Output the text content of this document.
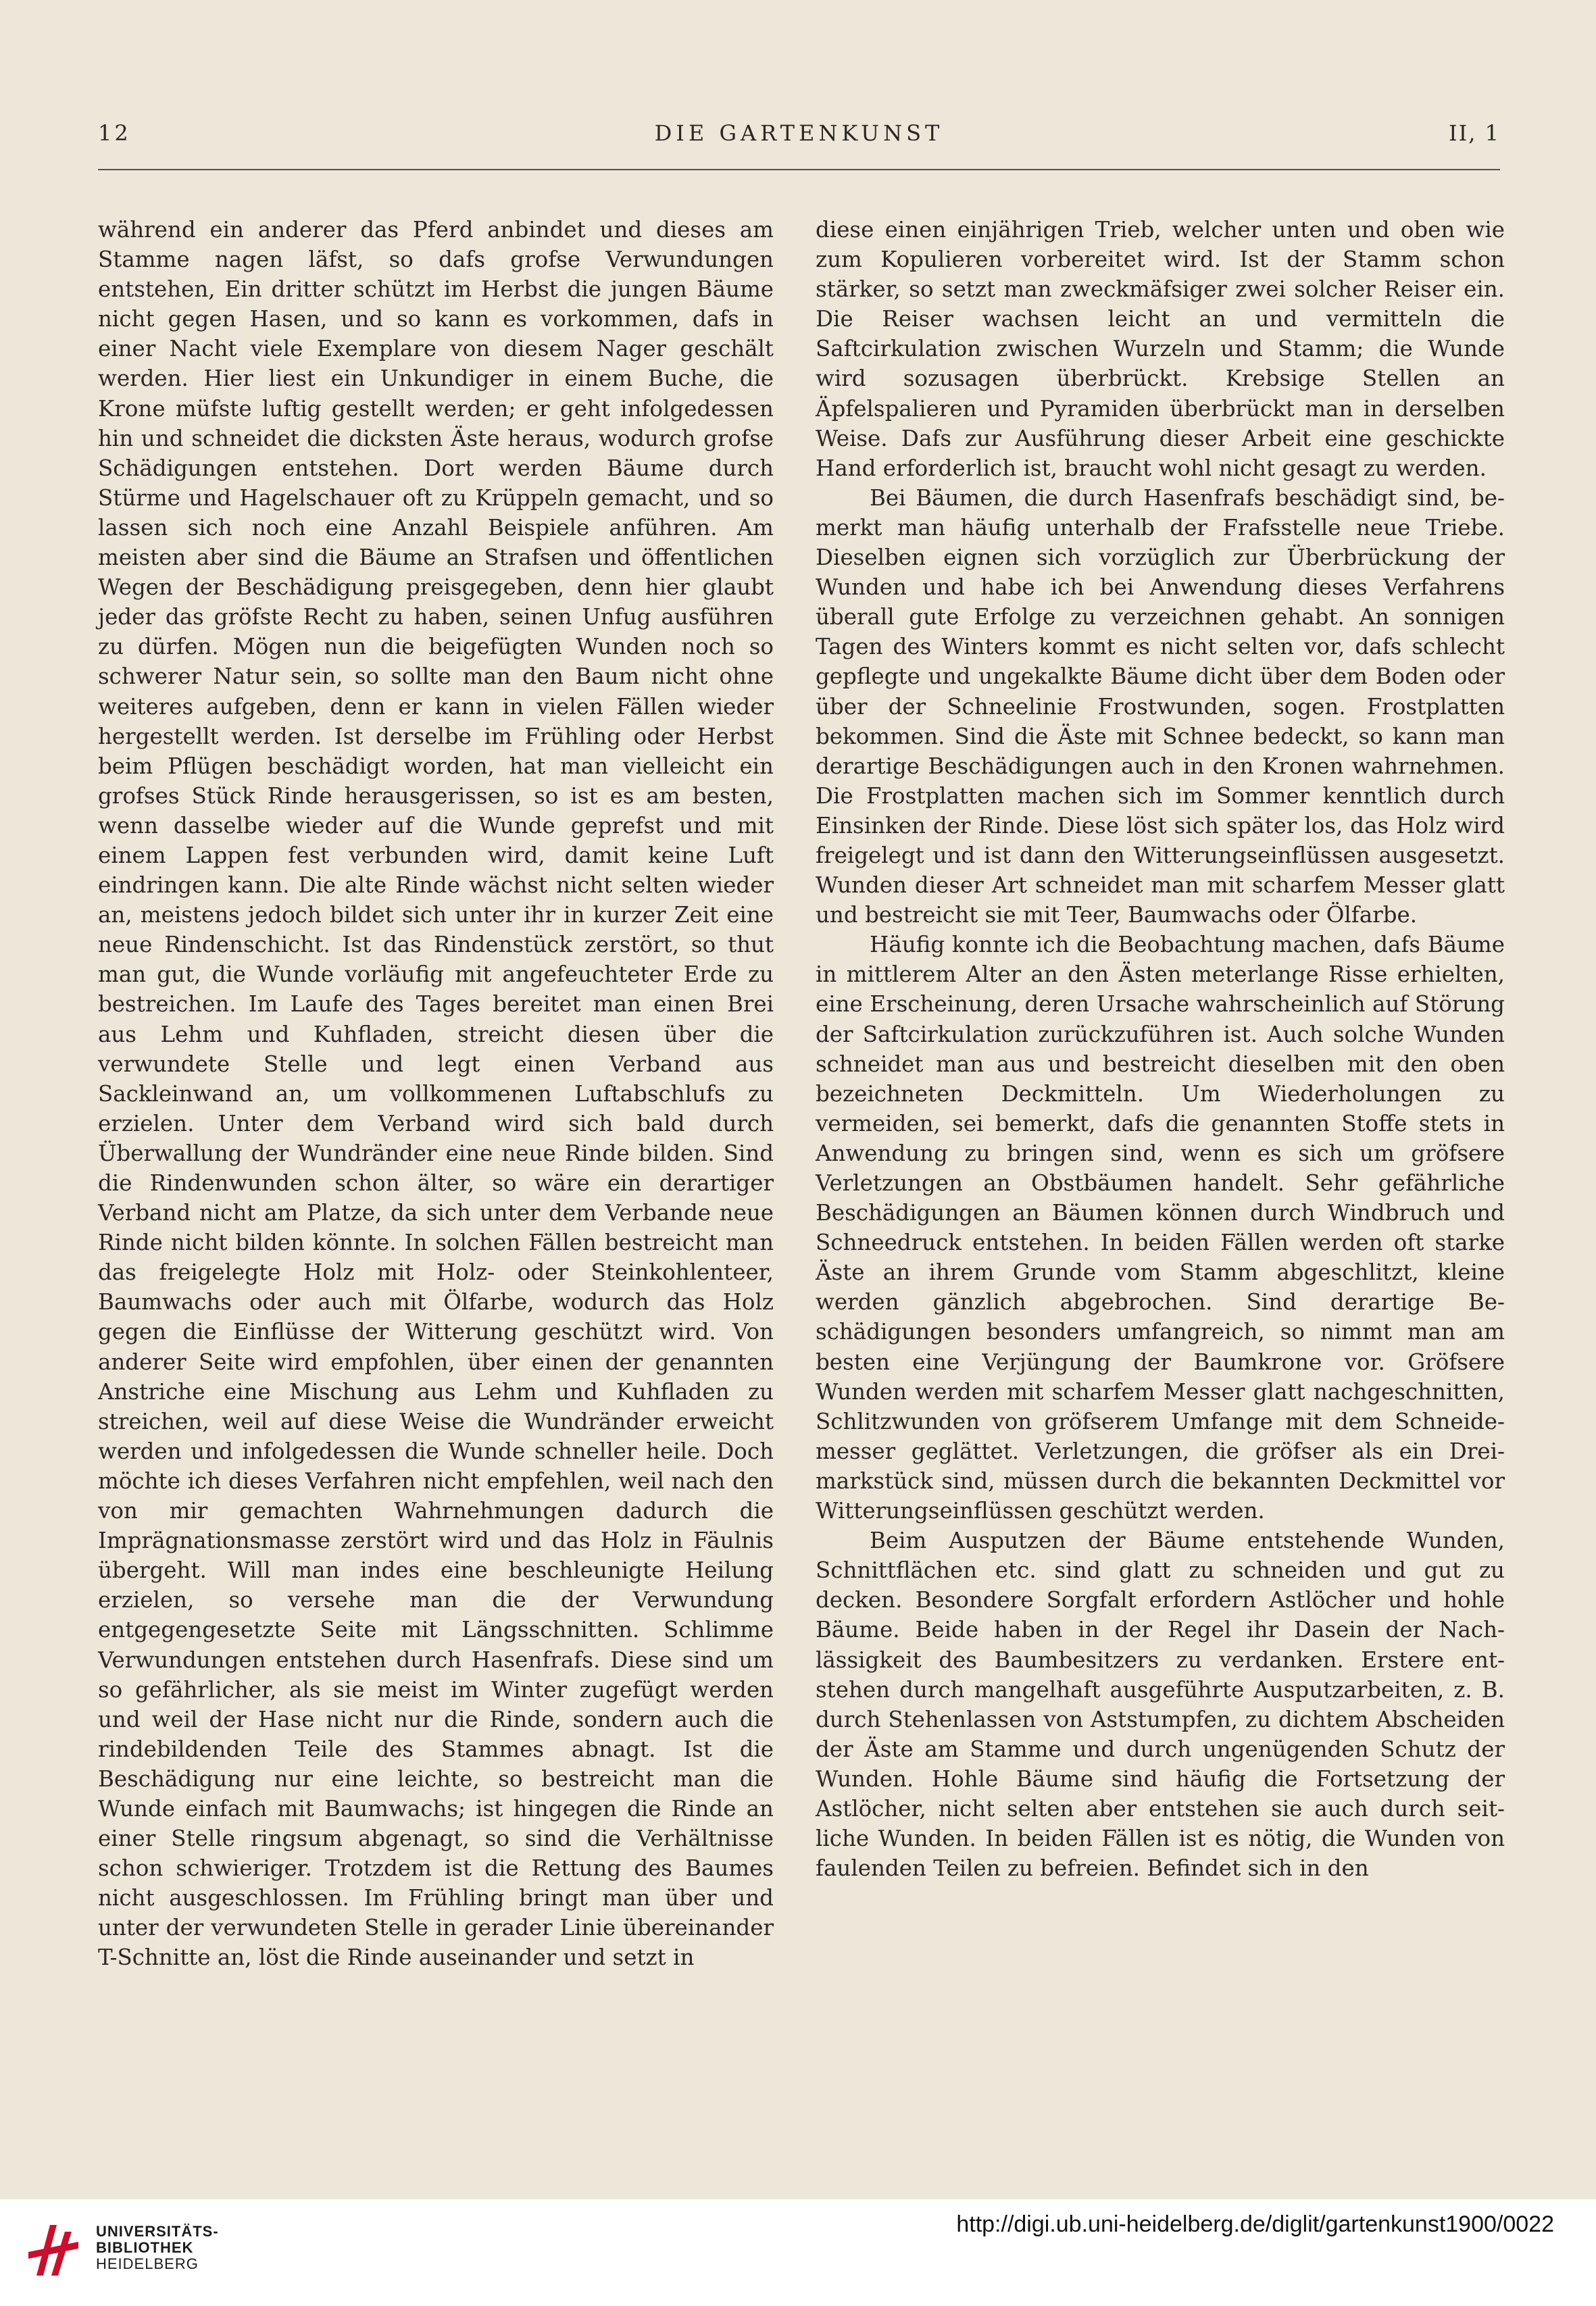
12	DIE GARTENKUNST	II, 1

während ein anderer das Pferd anbindet und dieses am Stamme nagen läfst, so dafs grofse Verwundungen entstehen, Ein dritter schützt im Herbst die jungen Bäume nicht gegen Hasen, und so kann es vorkommen, dafs in einer Nacht viele Exemplare von diesem Nager geschält werden. Hier liest ein Unkundiger in einem Buche, die Krone müfste luftig gestellt werden; er geht infolgedessen hin und schneidet die dicksten Äste heraus, wodurch grofse Schädigungen entstehen. Dort werden Bäume durch Stürme und Hagelschauer oft zu Krüppeln gemacht, und so lassen sich noch eine Anzahl Beispiele anführen. Am meisten aber sind die Bäume an Strafsen und öffentlichen Wegen der Beschädigung preisgegeben, denn hier glaubt jeder das gröfste Recht zu haben, seinen Unfug ausführen zu dürfen. Mögen nun die beigefügten Wunden noch so schwerer Natur sein, so sollte man den Baum nicht ohne weiteres aufgeben, denn er kann in vielen Fällen wieder hergestellt werden. Ist derselbe im Frühling oder Herbst beim Pflügen beschädigt worden, hat man vielleicht ein grofses Stück Rinde herausgerissen, so ist es am besten, wenn dasselbe wieder auf die Wunde geprefst und mit einem Lappen fest verbunden wird, damit keine Luft eindringen kann. Die alte Rinde wächst nicht selten wieder an, meistens jedoch bildet sich unter ihr in kurzer Zeit eine neue Rindenschicht. Ist das Rindenstück zerstört, so thut man gut, die Wunde vorläufig mit angefeuchteter Erde zu bestreichen. Im Laufe des Tages bereitet man einen Brei aus Lehm und Kuhfladen, streicht diesen über die verwundete Stelle und legt einen Verband aus Sackleinwand an, um vollkommenen Luftabschlufs zu erzielen. Unter dem Verband wird sich bald durch Überwallung der Wundränder eine neue Rinde bilden. Sind die Rindenwunden schon älter, so wäre ein derartiger Verband nicht am Platze, da sich unter dem Verbande neue Rinde nicht bilden könnte. In solchen Fällen bestreicht man das freigelegte Holz mit Holz- oder Steinkohlenteer, Baumwachs oder auch mit Ölfarbe, wodurch das Holz gegen die Einflüsse der Witterung geschützt wird. Von anderer Seite wird empfohlen, über einen der genannten Anstriche eine Mischung aus Lehm und Kuhfladen zu streichen, weil auf diese Weise die Wundränder erweicht werden und infolgedessen die Wunde schneller heile. Doch möchte ich dieses Verfahren nicht empfehlen, weil nach den von mir gemachten Wahrnehmungen dadurch die Imprägnationsmasse zerstört wird und das Holz in Fäulnis übergeht. Will man indes eine beschleunigte Heilung erzielen, so versehe man die der Verwundung entgegengesetzte Seite mit Längsschnitten. Schlimme Verwundungen entstehen durch Hasenfrafs. Diese sind um so gefährlicher, als sie meist im Winter zugefügt werden und weil der Hase nicht nur die Rinde, sondern auch die rindebildenden Teile des Stammes abnagt. Ist die Beschädigung nur eine leichte, so bestreicht man die Wunde einfach mit Baumwachs; ist hingegen die Rinde an einer Stelle ringsum abgenagt, so sind die Verhältnisse schon schwieriger. Trotzdem ist die Rettung des Baumes nicht ausgeschlossen. Im Frühling bringt man über und unter der verwundeten Stelle in gerader Linie übereinander T-Schnitte an, löst die Rinde auseinander und setzt in

diese einen einjährigen Trieb, welcher unten und oben wie zum Kopulieren vorbereitet wird. Ist der Stamm schon stärker, so setzt man zweckmäfsiger zwei solcher Reiser ein. Die Reiser wachsen leicht an und vermitteln die Saftcirkulation zwischen Wurzeln und Stamm; die Wunde wird sozusagen überbrückt. Krebsige Stellen an Äpfelspalieren und Pyramiden überbrückt man in derselben Weise. Dafs zur Ausführung dieser Arbeit eine geschickte Hand erforderlich ist, braucht wohl nicht gesagt zu werden.

Bei Bäumen, die durch Hasenfrafs beschädigt sind, bemerkt man häufig unterhalb der Frafsstelle neue Triebe. Dieselben eignen sich vorzüglich zur Überbrückung der Wunden und habe ich bei Anwendung dieses Verfahrens überall gute Erfolge zu verzeichnen gehabt. An sonnigen Tagen des Winters kommt es nicht selten vor, dafs schlecht gepflegte und ungekalkte Bäume dicht über dem Boden oder über der Schneelinie Frostwunden, sogen. Frostplatten bekommen. Sind die Äste mit Schnee bedeckt, so kann man derartige Beschädigungen auch in den Kronen wahrnehmen. Die Frostplatten machen sich im Sommer kenntlich durch Einsinken der Rinde. Diese löst sich später los, das Holz wird freigelegt und ist dann den Witterungseinflüssen ausgesetzt. Wunden dieser Art schneidet man mit scharfem Messer glatt und bestreicht sie mit Teer, Baumwachs oder Ölfarbe.

Häufig konnte ich die Beobachtung machen, dafs Bäume in mittlerem Alter an den Ästen meterlange Risse erhielten, eine Erscheinung, deren Ursache wahrscheinlich auf Störung der Saftcirkulation zurückzuführen ist. Auch solche Wunden schneidet man aus und bestreicht dieselben mit den oben bezeichneten Deckmitteln. Um Wiederholungen zu vermeiden, sei bemerkt, dafs die genannten Stoffe stets in Anwendung zu bringen sind, wenn es sich um gröfsere Verletzungen an Obstbäumen handelt. Sehr gefährliche Beschädigungen an Bäumen können durch Windbruch und Schneedruck entstehen. In beiden Fällen werden oft starke Äste an ihrem Grunde vom Stamm abgeschlitzt, kleine werden gänzlich abgebrochen. Sind derartige Beschädigungen besonders umfangreich, so nimmt man am besten eine Verjüngung der Baumkrone vor. Gröfsere Wunden werden mit scharfem Messer glatt nachgeschnitten, Schlitzwunden von gröfserem Umfange mit dem Schneidemesser geglättet. Verletzungen, die gröfser als ein Dreimarkstück sind, müssen durch die bekannten Deckmittel vor Witterungseinflüssen geschützt werden.

Beim Ausputzen der Bäume entstehende Wunden, Schnittflächen etc. sind glatt zu schneiden und gut zu decken. Besondere Sorgfalt erfordern Astlöcher und hohle Bäume. Beide haben in der Regel ihr Dasein der Nachlässigkeit des Baumbesitzers zu verdanken. Erstere entstehen durch mangelhaft ausgeführte Ausputzarbeiten, z. B. durch Stehenlassen von Aststumpfen, zu dichtem Abscheiden der Äste am Stamme und durch ungenügenden Schutz der Wunden. Hohle Bäume sind häufig die Fortsetzung der Astlöcher, nicht selten aber entstehen sie auch durch seitliche Wunden. In beiden Fällen ist es nötig, die Wunden von faulenden Teilen zu befreien. Befindet sich in den

UNIVERSITÄTS-
BIBLIOTHEK
HEIDELBERG
http://digi.ub.uni-heidelberg.de/diglit/gartenkunst1900/0022
